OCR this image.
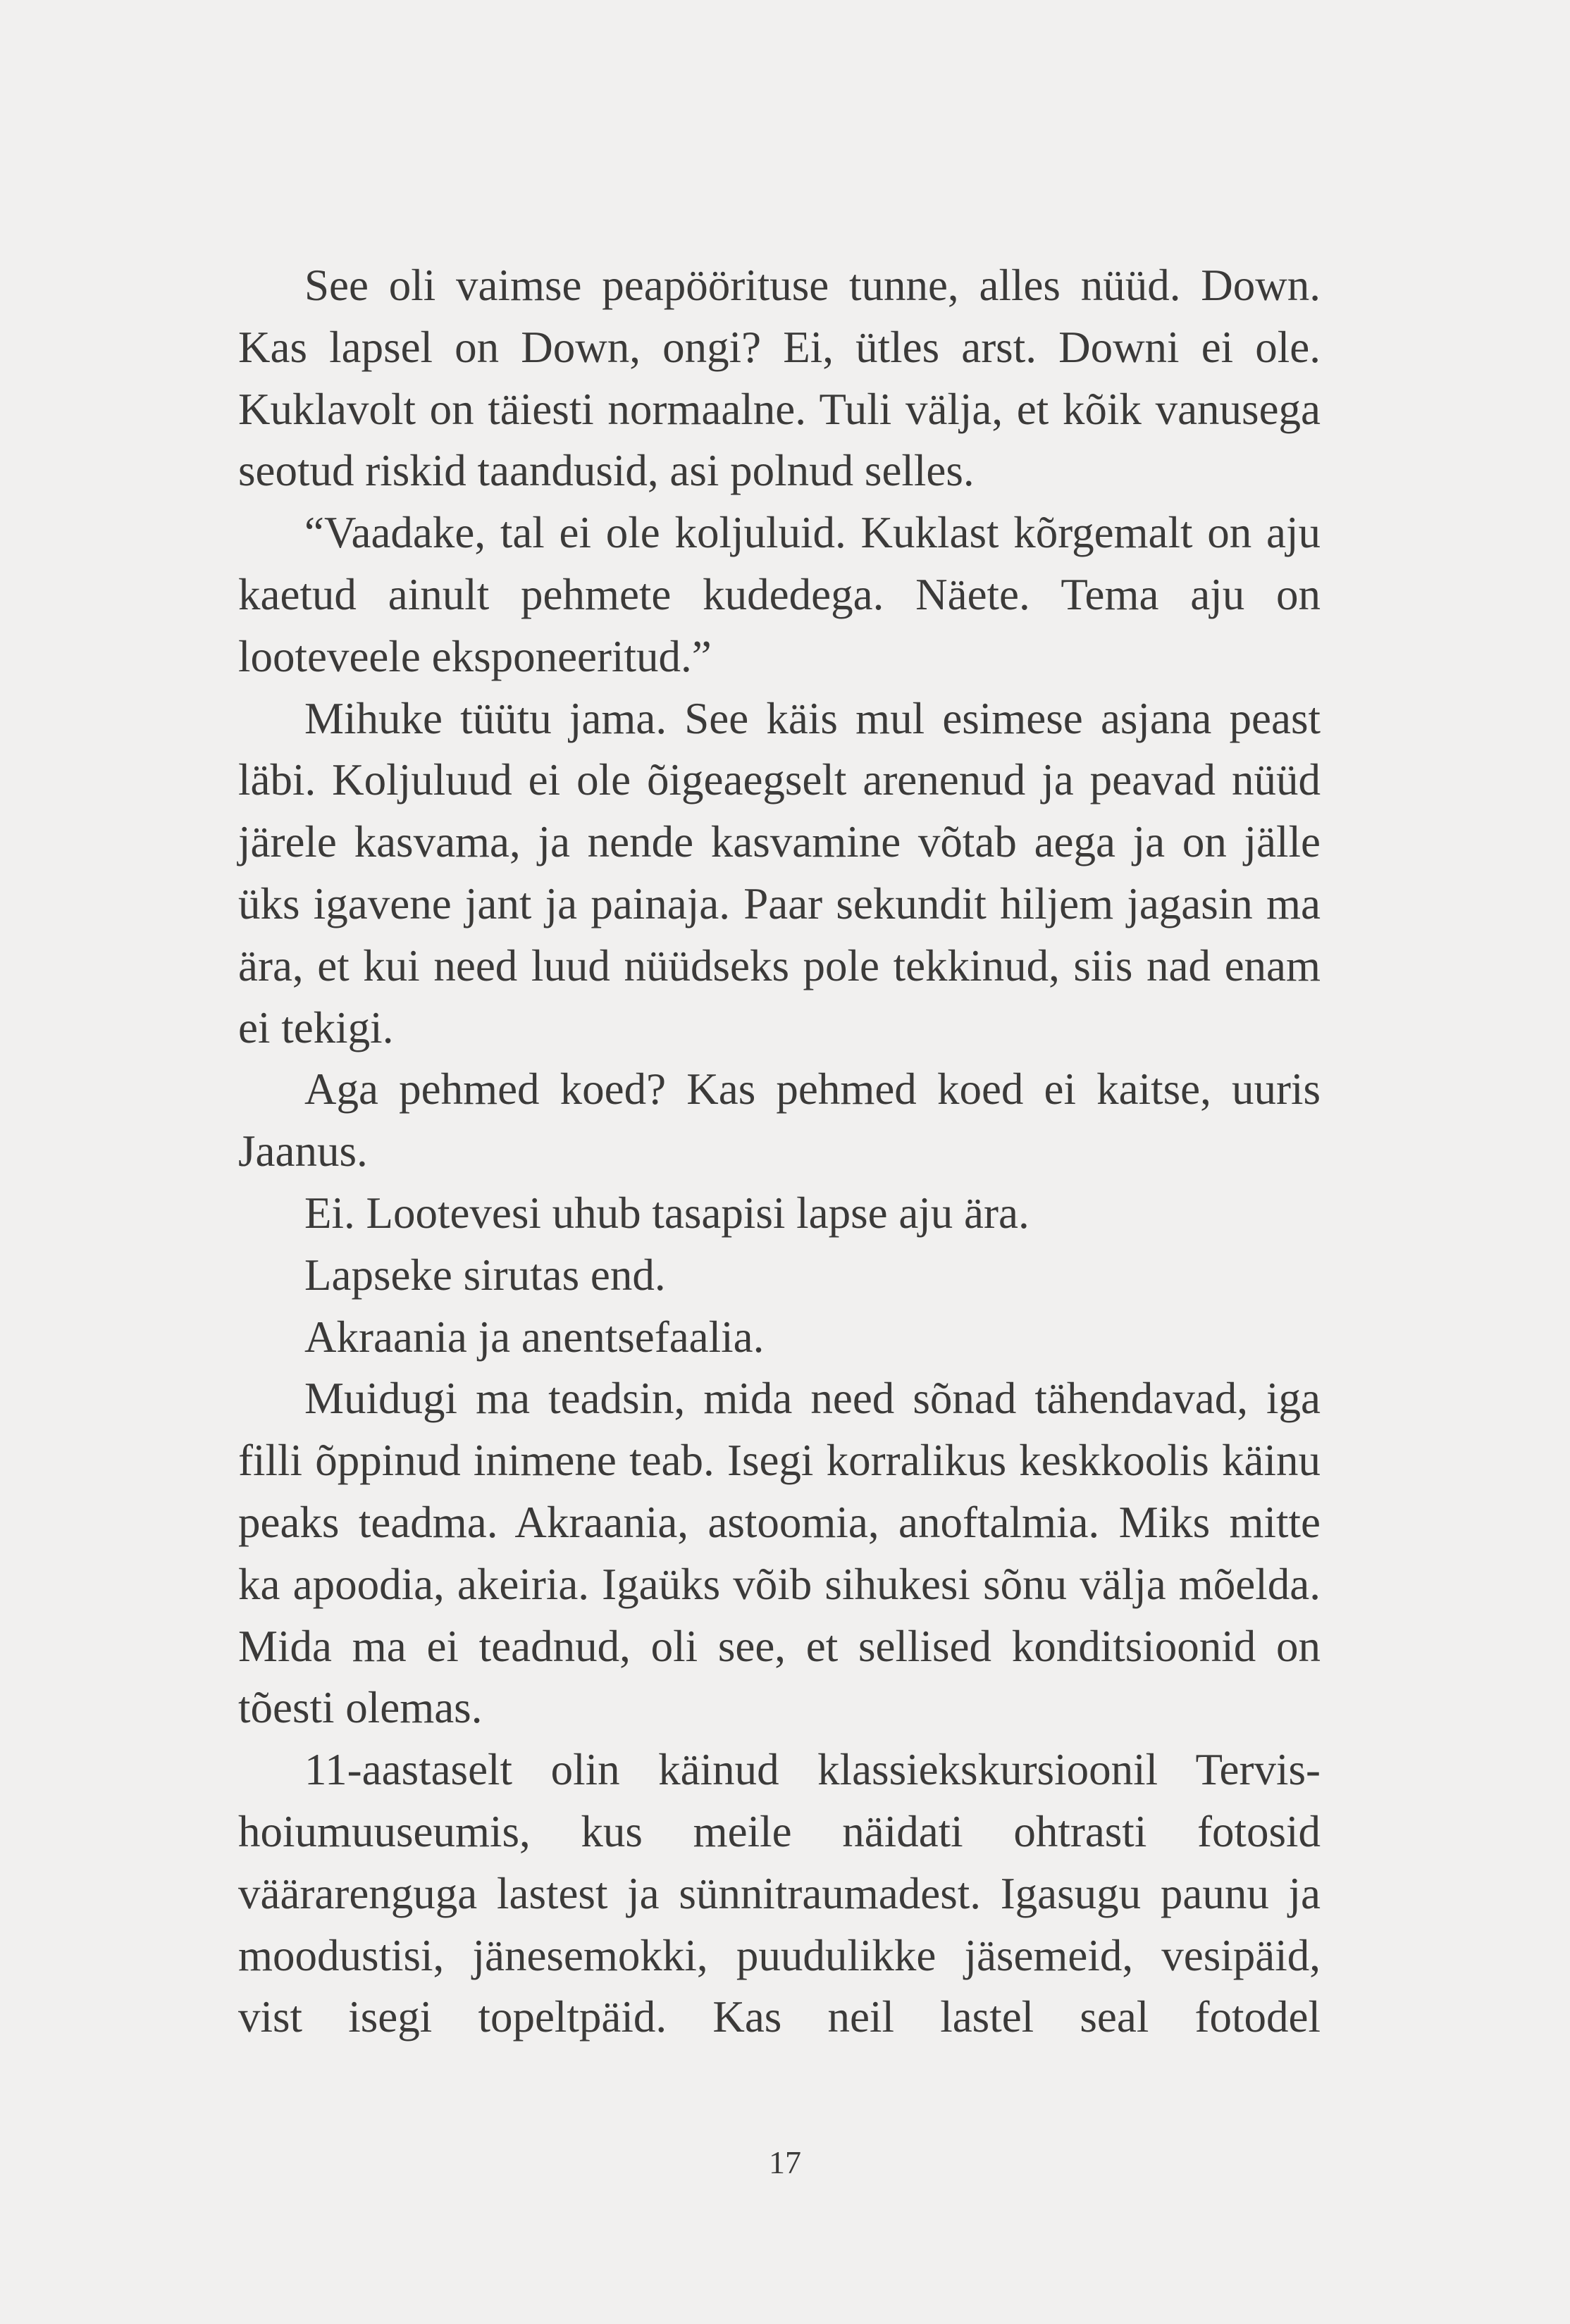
See oli vaimse peapöörituse tunne, alles nüüd. Down. Kas lapsel on Down, ongi? Ei, ütles arst. Downi ei ole. Kuklavolt on täiesti normaalne. Tuli välja, et kõik vanusega seotud riskid taandusid, asi polnud selles.

“Vaadake, tal ei ole koljuluid. Kuklast kõrgemalt on aju kaetud ainult pehmete kudedega. Näete. Tema aju on looteveele eksponeeritud.”

Mihuke tüütu jama. See käis mul esimese asjana peast läbi. Koljuluud ei ole õigeaegselt arenenud ja peavad nüüd järele kasvama, ja nende kasvamine võtab aega ja on jälle üks igavene jant ja painaja. Paar sekundit hiljem jagasin ma ära, et kui need luud nüüdseks pole tekkinud, siis nad enam ei tekigi.

Aga pehmed koed? Kas pehmed koed ei kaitse, uuris Jaanus.

Ei. Lootevesi uhub tasapisi lapse aju ära.

Lapseke sirutas end.

Akraania ja anentsefaalia.

Muidugi ma teadsin, mida need sõnad tähendavad, iga filli õppinud inimene teab. Isegi korralikus keskkoolis käinu peaks teadma. Akraania, astoomia, anoftalmia. Miks mitte ka apoodia, akeiria. Igaüks võib sihukesi sõnu välja mõelda. Mida ma ei teadnud, oli see, et sellised konditsioonid on tõesti olemas.

11-aastaselt olin käinud klassiekskursioonil Tervishoiumuuseumis, kus meile näidati ohtrasti fotosid väärarenguga lastest ja sünnitraumadest. Igasugu paunu ja moodustisi, jänesemokki, puudulikke jäsemeid, vesipäid, vist isegi topeltpäid. Kas neil lastel seal fotodel

17
